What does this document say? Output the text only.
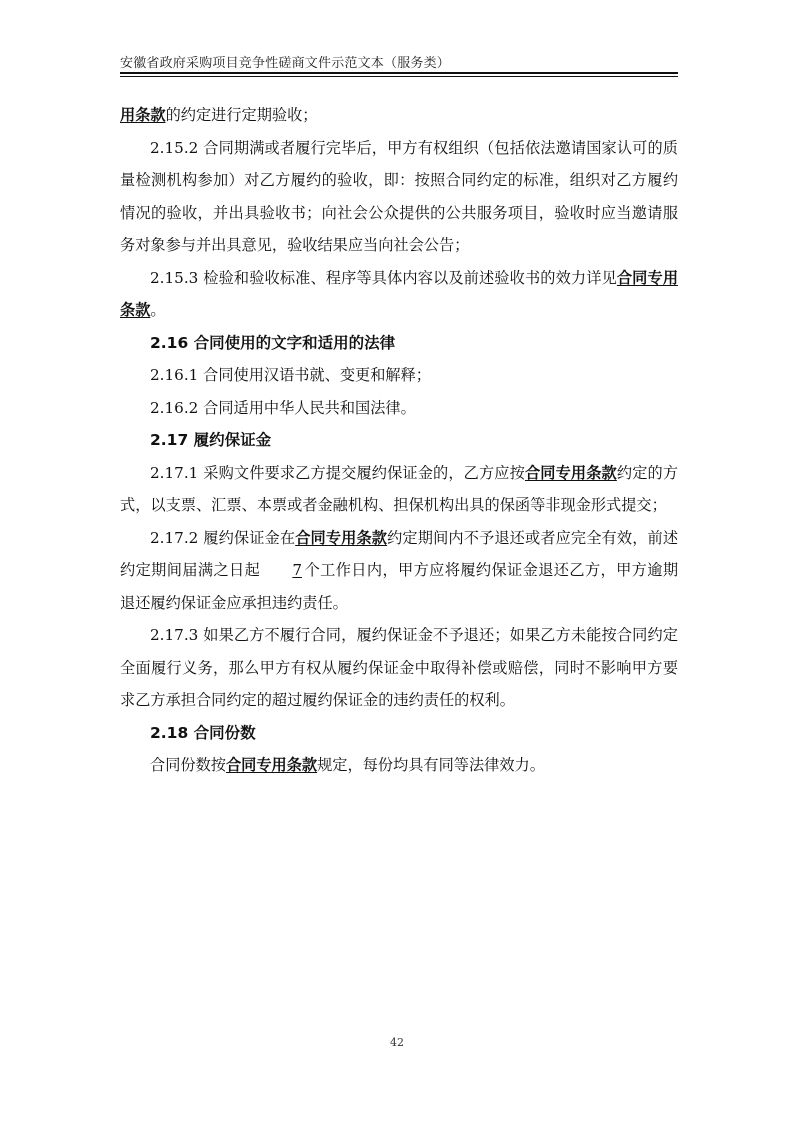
安徽省政府采购项目竞争性磋商文件示范文本（服务类）

用条款的约定进行定期验收；

2.15.2 合同期满或者履行完毕后，甲方有权组织（包括依法邀请国家认可的质量检测机构参加）对乙方履约的验收，即：按照合同约定的标准，组织对乙方履约情况的验收，并出具验收书；向社会公众提供的公共服务项目，验收时应当邀请服务对象参与并出具意见，验收结果应当向社会公告；

2.15.3 检验和验收标准、程序等具体内容以及前述验收书的效力详见合同专用条款。

2.16 合同使用的文字和适用的法律

2.16.1 合同使用汉语书就、变更和解释；

2.16.2 合同适用中华人民共和国法律。

2.17 履约保证金

2.17.1 采购文件要求乙方提交履约保证金的，乙方应按合同专用条款约定的方式，以支票、汇票、本票或者金融机构、担保机构出具的保函等非现金形式提交；

2.17.2 履约保证金在合同专用条款约定期间内不予退还或者应完全有效，前述约定期间届满之日起 7 个工作日内，甲方应将履约保证金退还乙方，甲方逾期退还履约保证金应承担违约责任。

2.17.3 如果乙方不履行合同，履约保证金不予退还；如果乙方未能按合同约定全面履行义务，那么甲方有权从履约保证金中取得补偿或赔偿，同时不影响甲方要求乙方承担合同约定的超过履约保证金的违约责任的权利。

2.18 合同份数

合同份数按合同专用条款规定，每份均具有同等法律效力。

42
